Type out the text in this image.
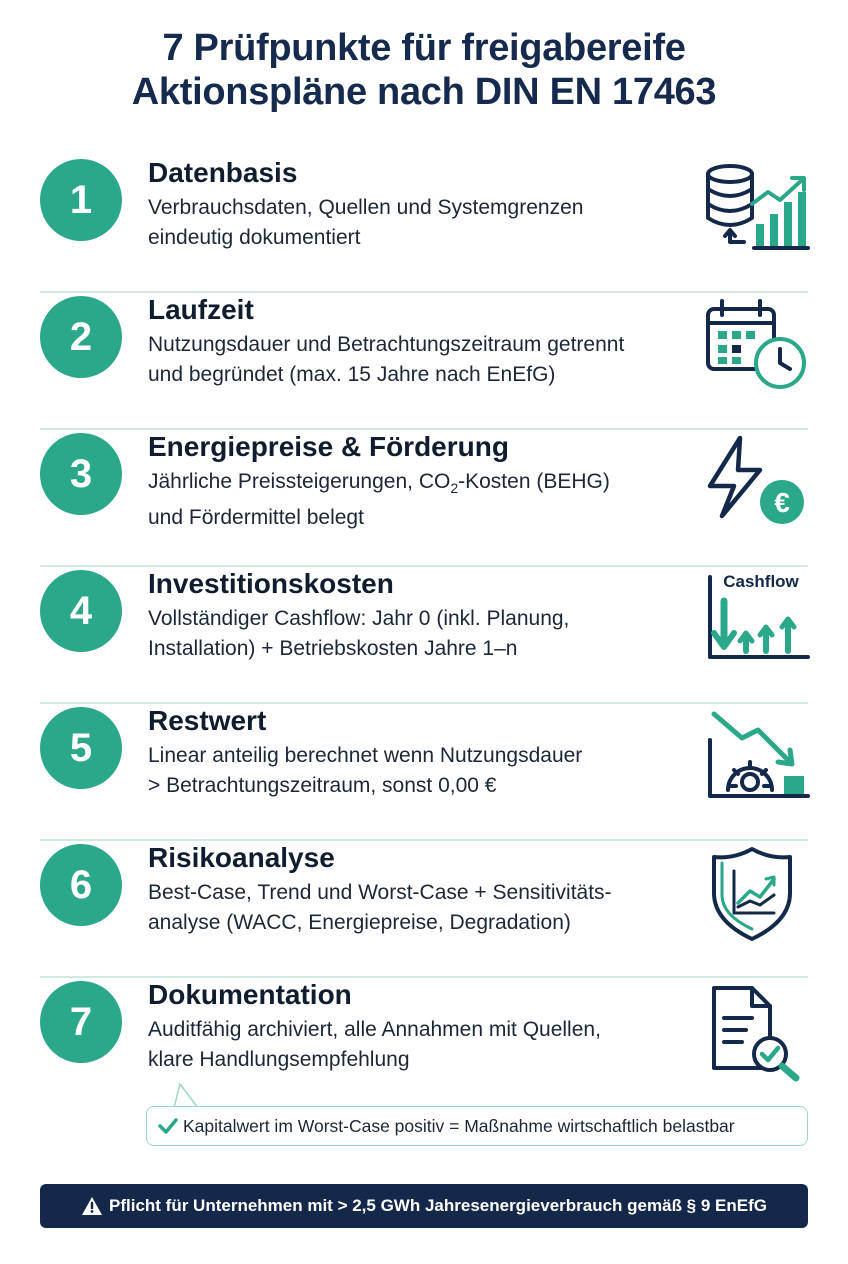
7 Prüfpunkte für freigabereife
Aktionspläne nach DIN EN 17463
1
Datenbasis
Verbrauchsdaten, Quellen und Systemgrenzen
eindeutig dokumentiert
2
Laufzeit
Nutzungsdauer und Betrachtungszeitraum getrennt
und begründet (max. 15 Jahre nach EnEfG)
3
Energiepreise & Förderung
Jährliche Preissteigerungen, $CO_2$-Kosten (BEHG)
und Fördermittel belegt	€
4
Investitionskosten
Vollständiger Cashflow: Jahr 0 (inkl. Planung,
Installation) + Betriebskosten Jahre 1–n
Cashflow
5
Restwert
Linear anteilig berechnet wenn Nutzungsdauer
> Betrachtungszeitraum, sonst 0,00 €
6
Risikoanalyse
Best-Case, Trend und Worst-Case + Sensitivitäts-
analyse (WACC, Energiepreise, Degradation)
7
Dokumentation
Auditfähig archiviert, alle Annahmen mit Quellen,
klare Handlungsempfehlung
Kapitalwert im Worst-Case positiv = Maßnahme wirtschaftlich belastbar
Pflicht für Unternehmen mit > 2,5 GWh Jahresenergieverbrauch gemäß § 9 EnEfG
